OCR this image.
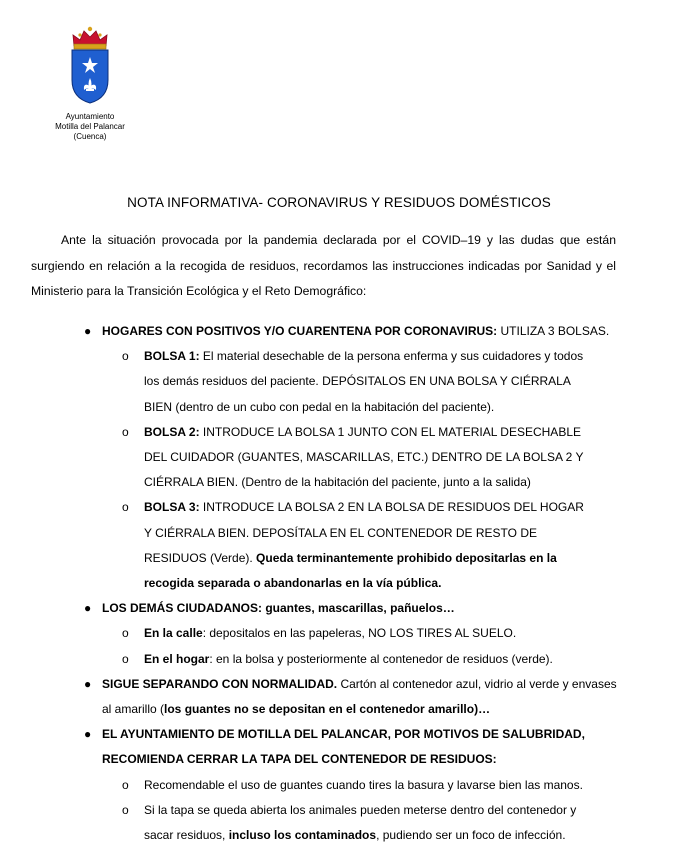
Ayuntamiento
Motilla del Palancar
(Cuenca)
NOTA INFORMATIVA- CORONAVIRUS Y RESIDUOS DOMÉSTICOS
Ante la situación provocada por la pandemia declarada por el COVID–19 y las dudas que están surgiendo en relación a la recogida de residuos, recordamos las instrucciones indicadas por Sanidad y el Ministerio para la Transición Ecológica y el Reto Demográfico:
● HOGARES CON POSITIVOS Y/O CUARENTENA POR CORONAVIRUS: UTILIZA 3 BOLSAS.
o BOLSA 1: El material desechable de la persona enferma y sus cuidadores y todos los demás residuos del paciente. DEPÓSITALOS EN UNA BOLSA Y CIÉRRALA BIEN (dentro de un cubo con pedal en la habitación del paciente).
o BOLSA 2: INTRODUCE LA BOLSA 1 JUNTO CON EL MATERIAL DESECHABLE DEL CUIDADOR (GUANTES, MASCARILLAS, ETC.) DENTRO DE LA BOLSA 2 Y CIÉRRALA BIEN. (Dentro de la habitación del paciente, junto a la salida)
o BOLSA 3: INTRODUCE LA BOLSA 2 EN LA BOLSA DE RESIDUOS DEL HOGAR Y CIÉRRALA BIEN. DEPOSÍTALA EN EL CONTENEDOR DE RESTO DE RESIDUOS (Verde). Queda terminantemente prohibido depositarlas en la recogida separada o abandonarlas en la vía pública.
● LOS DEMÁS CIUDADANOS: guantes, mascarillas, pañuelos…
o En la calle: depositalos en las papeleras, NO LOS TIRES AL SUELO.
o En el hogar: en la bolsa y posteriormente al contenedor de residuos (verde).
● SIGUE SEPARANDO CON NORMALIDAD. Cartón al contenedor azul, vidrio al verde y envases al amarillo (los guantes no se depositan en el contenedor amarillo)…
● EL AYUNTAMIENTO DE MOTILLA DEL PALANCAR, POR MOTIVOS DE SALUBRIDAD, RECOMIENDA CERRAR LA TAPA DEL CONTENEDOR DE RESIDUOS:
o Recomendable el uso de guantes cuando tires la basura y lavarse bien las manos.
o Si la tapa se queda abierta los animales pueden meterse dentro del contenedor y sacar residuos, incluso los contaminados, pudiendo ser un foco de infección.
